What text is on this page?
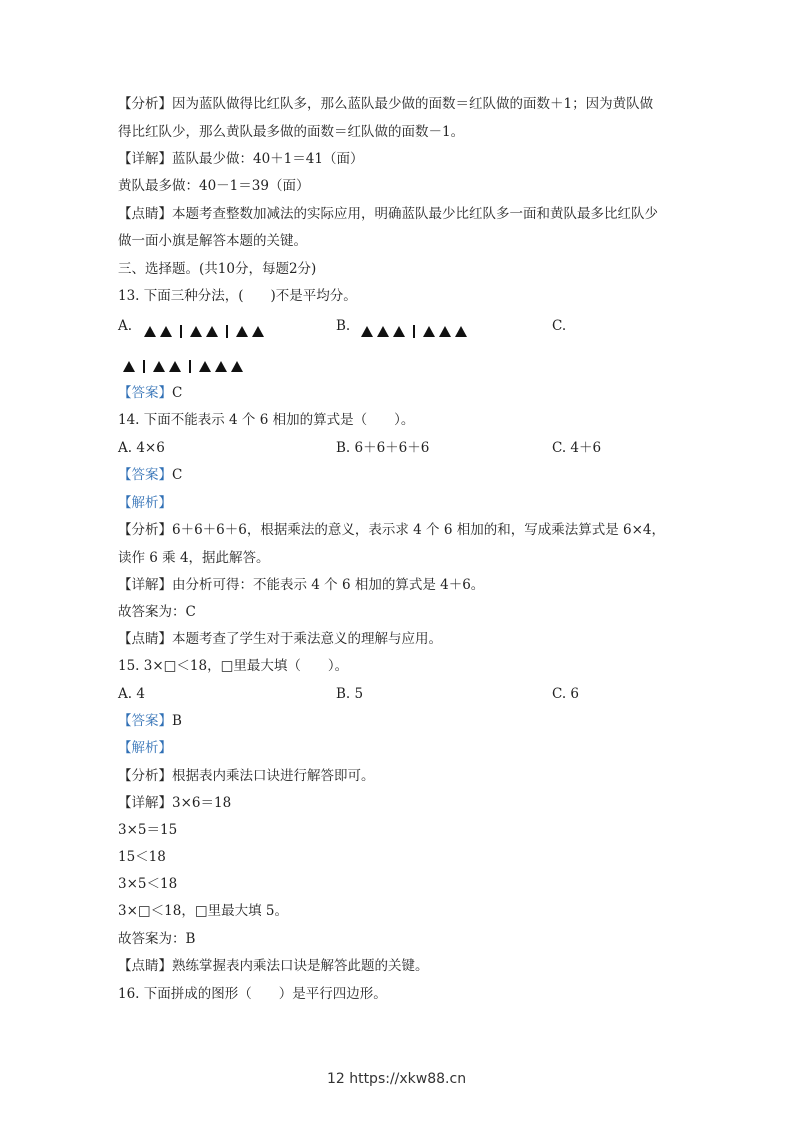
【分析】因为蓝队做得比红队多，那么蓝队最少做的面数＝红队做的面数＋1；因为黄队做
得比红队少，那么黄队最多做的面数＝红队做的面数－1。
【详解】蓝队最少做：40＋1＝41（面）
黄队最多做：40－1＝39（面）
【点睛】本题考查整数加减法的实际应用，明确蓝队最少比红队多一面和黄队最多比红队少
做一面小旗是解答本题的关键。
三、选择题。(共10分，每题2分)
13. 下面三种分法，(　　)不是平均分。
A.	B.	C.
【答案】C
14. 下面不能表示 4 个 6 相加的算式是（　　）。
A. 4×6	B. 6＋6＋6＋6	C. 4＋6
【答案】C
【解析】
【分析】6＋6＋6＋6，根据乘法的意义，表示求 4 个 6 相加的和，写成乘法算式是 6×4，
读作 6 乘 4，据此解答。
【详解】由分析可得：不能表示 4 个 6 相加的算式是 4＋6。
故答案为：C
【点睛】本题考查了学生对于乘法意义的理解与应用。
15. 3×□＜18，□里最大填（　　）。
A. 4	B. 5	C. 6
【答案】B
【解析】
【分析】根据表内乘法口诀进行解答即可。
【详解】3×6＝18
3×5＝15
15＜18
3×5＜18
3×□＜18，□里最大填 5。
故答案为：B
【点睛】熟练掌握表内乘法口诀是解答此题的关键。
16. 下面拼成的图形（　　）是平行四边形。
12 https://xkw88.cn
